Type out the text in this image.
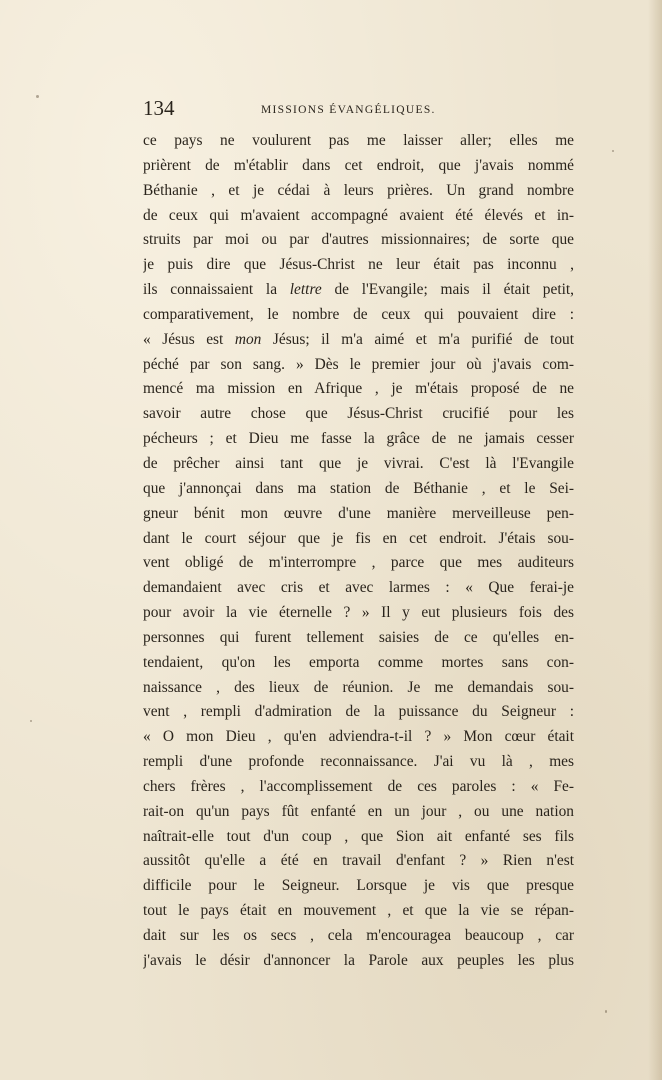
134	MISSIONS ÉVANGÉLIQUES.
ce pays ne voulurent pas me laisser aller; elles me
prièrent de m'établir dans cet endroit, que j'avais nommé
Béthanie , et je cédai à leurs prières. Un grand nombre
de ceux qui m'avaient accompagné avaient été élevés et in-
struits par moi ou par d'autres missionnaires; de sorte que
je puis dire que Jésus-Christ ne leur était pas inconnu ,
ils connaissaient la lettre de l'Evangile; mais il était petit,
comparativement, le nombre de ceux qui pouvaient dire :
« Jésus est mon Jésus; il m'a aimé et m'a purifié de tout
péché par son sang. » Dès le premier jour où j'avais com-
mencé ma mission en Afrique , je m'étais proposé de ne
savoir autre chose que Jésus-Christ crucifié pour les
pécheurs ; et Dieu me fasse la grâce de ne jamais cesser
de prêcher ainsi tant que je vivrai. C'est là l'Evangile
que j'annonçai dans ma station de Béthanie , et le Sei-
gneur bénit mon œuvre d'une manière merveilleuse pen-
dant le court séjour que je fis en cet endroit. J'étais sou-
vent obligé de m'interrompre , parce que mes auditeurs
demandaient avec cris et avec larmes : « Que ferai-je
pour avoir la vie éternelle ? » Il y eut plusieurs fois des
personnes qui furent tellement saisies de ce qu'elles en-
tendaient, qu'on les emporta comme mortes sans con-
naissance , des lieux de réunion. Je me demandais sou-
vent , rempli d'admiration de la puissance du Seigneur :
« O mon Dieu , qu'en adviendra-t-il ? » Mon cœur était
rempli d'une profonde reconnaissance. J'ai vu là , mes
chers frères , l'accomplissement de ces paroles : « Fe-
rait-on qu'un pays fût enfanté en un jour , ou une nation
naîtrait-elle tout d'un coup , que Sion ait enfanté ses fils
aussitôt qu'elle a été en travail d'enfant ? » Rien n'est
difficile pour le Seigneur. Lorsque je vis que presque
tout le pays était en mouvement , et que la vie se répan-
dait sur les os secs , cela m'encouragea beaucoup , car
j'avais le désir d'annoncer la Parole aux peuples les plus
